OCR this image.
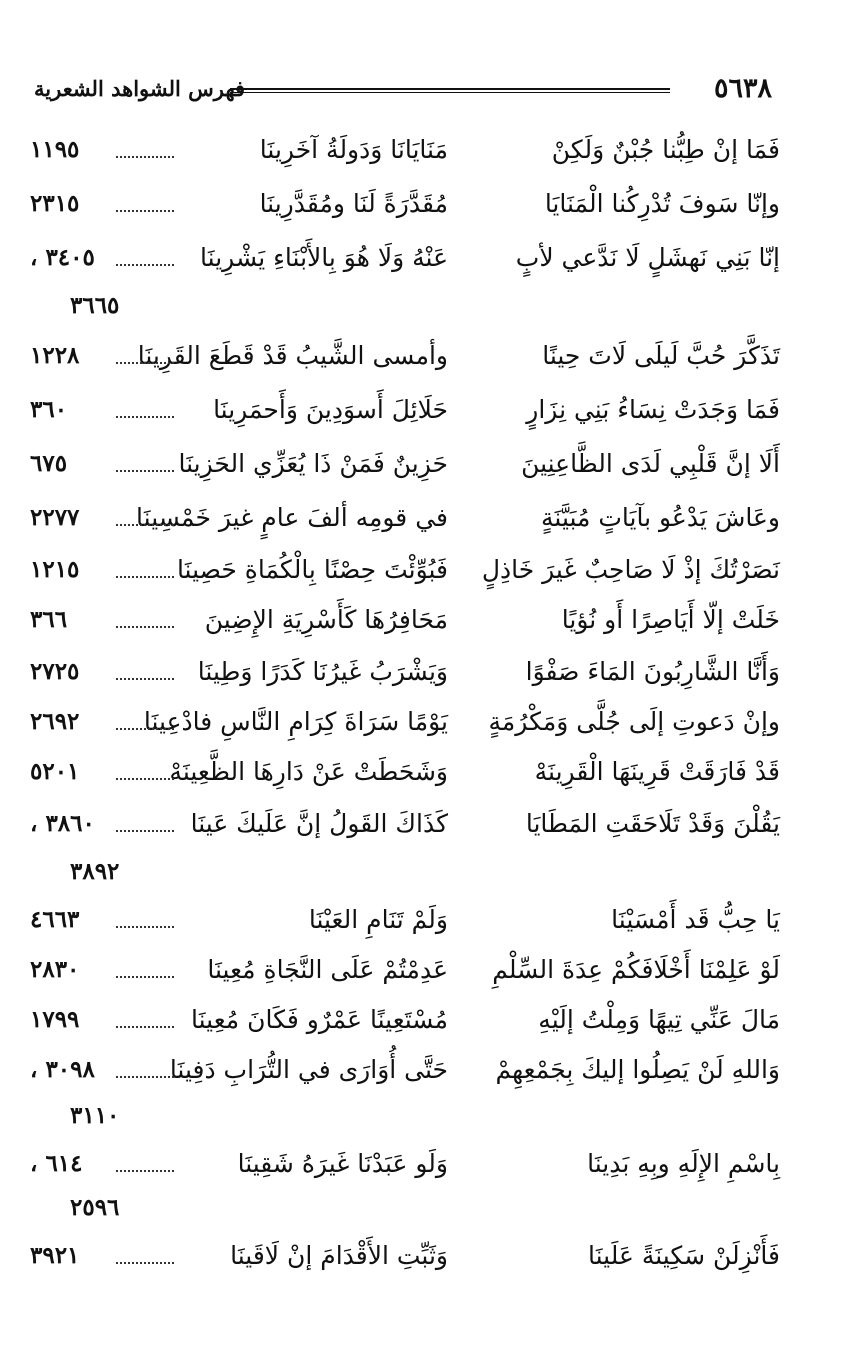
٥٦٣٨
فهرس الشواهد الشعرية
فَمَا إنْ طِبُّنا جُبْنٌ وَلَكِنْ
مَنَايَانَا وَدَولَةُ آخَرِينَا
١١٩٥
وإنّا سَوفَ تُدْرِكُنا الْمَنَايَا
مُقَدَّرَةً لَنَا ومُقَدَّرِينَا
٢٣١٥
إنّا بَنِي نَهشَلٍ لَا نَدَّعي لأبٍ
عَنْهُ وَلَا هُوَ بِالأَبْنَاءِ يَشْرِينَا
٣٤٠٥ ،
٣٦٦٥
تَذَكَّرَ حُبَّ لَيلَى لَاتَ حِينًا
وأمسى الشَّيبُ قَدْ قَطَعَ القَرِينَا
١٢٢٨
فَمَا وَجَدَتْ نِسَاءُ بَنِي نِزَارٍ
حَلَائِلَ أَسوَدِينَ وَأَحمَرِينَا
٣٦٠
أَلَا إنَّ قَلْبِي لَدَى الظَّاعِنِينَ
حَزِينٌ فَمَنْ ذَا يُعَزِّي الحَزِينَا
٦٧٥
وعَاشَ يَدْعُو بآيَاتٍ مُبَيَّنَةٍ
في قومِه ألفَ عامٍ غيرَ خَمْسِينَا
٢٢٧٧
نَصَرْتُكَ إذْ لَا صَاحِبٌ غَيرَ خَاذِلٍ
فَبُوِّئْتَ حِصْنًا بِالْكُمَاةِ حَصِينَا
١٢١٥
خَلَتْ إلّا أَيَاصِرًا أَو نُؤيًا
مَحَافِرُهَا كَأَسْرِيَةِ الإِضِينَ
٣٦٦
وَأَنَّا الشَّارِبُونَ المَاءَ صَفْوًا
وَيَشْرَبُ غَيرُنَا كَدَرًا وَطِينَا
٢٧٢٥
وإنْ دَعوتِ إلَى جُلَّى وَمَكْرُمَةٍ
يَوْمًا سَرَاةَ كِرَامِ النَّاسِ فادْعِينَا
٢٦٩٢
قَدْ فَارَقَتْ قَرِينَهَا الْقَرِينَهْ
وَشَحَطَتْ عَنْ دَارِهَا الظَّعِينَهْ
٥٢٠١
يَقُلْنَ وَقَدْ تَلَاحَقَتِ المَطَايَا
كَذَاكَ القَولُ إنَّ عَلَيكَ عَينَا
٣٨٦٠ ،
٣٨٩٢
يَا حِبُّ قَد أَمْسَيْنَا
وَلَمْ تَنَامِ العَيْنَا
٤٦٦٣
لَوْ عَلِمْنَا أَخْلَافَكُمْ عِدَةَ السِّلْمِ
عَدِمْتُمْ عَلَى النَّجَاةِ مُعِينَا
٢٨٣٠
مَالَ عَنِّي تِيهًا وَمِلْتُ إلَيْهِ
مُسْتَعِينًا عَمْرٌو فَكَانَ مُعِينَا
١٧٩٩
وَاللهِ لَنْ يَصِلُوا إليكَ بِجَمْعِهِمْ
حَتَّى أُوَارَى في التُّرَابِ دَفِينَا
٣٠٩٨ ،
٣١١٠
بِاسْمِ الإِلَهِ وبِهِ بَدِينَا
وَلَو عَبَدْنَا غَيرَهُ شَقِينَا
٦١٤ ،
٢٥٩٦
فَأَنْزِلَنْ سَكِينَةً عَلَينَا
وَثَبِّتِ الأَقْدَامَ إنْ لَاقَينَا
٣٩٢١
